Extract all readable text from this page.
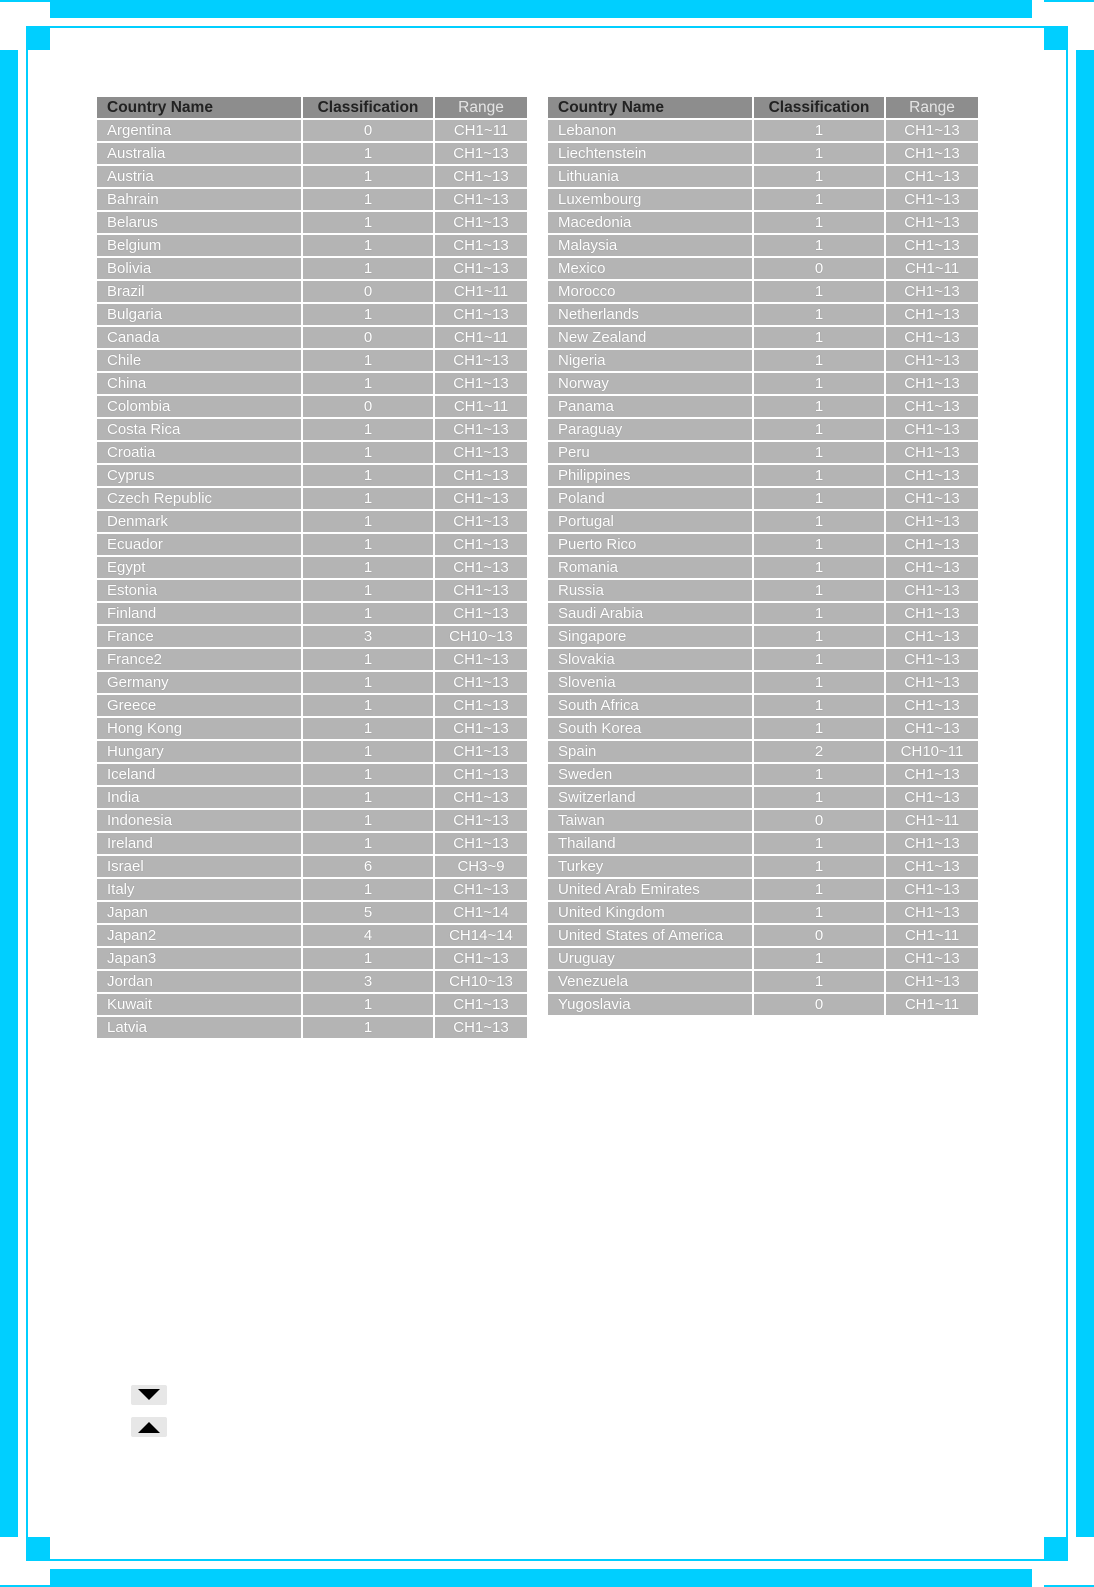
Country Name	Classification	Range
Argentina	0	CH1~11
Australia	1	CH1~13
Austria	1	CH1~13
Bahrain	1	CH1~13
Belarus	1	CH1~13
Belgium	1	CH1~13
Bolivia	1	CH1~13
Brazil	0	CH1~11
Bulgaria	1	CH1~13
Canada	0	CH1~11
Chile	1	CH1~13
China	1	CH1~13
Colombia	0	CH1~11
Costa Rica	1	CH1~13
Croatia	1	CH1~13
Cyprus	1	CH1~13
Czech Republic	1	CH1~13
Denmark	1	CH1~13
Ecuador	1	CH1~13
Egypt	1	CH1~13
Estonia	1	CH1~13
Finland	1	CH1~13
France	3	CH10~13
France2	1	CH1~13
Germany	1	CH1~13
Greece	1	CH1~13
Hong Kong	1	CH1~13
Hungary	1	CH1~13
Iceland	1	CH1~13
India	1	CH1~13
Indonesia	1	CH1~13
Ireland	1	CH1~13
Israel	6	CH3~9
Italy	1	CH1~13
Japan	5	CH1~14
Japan2	4	CH14~14
Japan3	1	CH1~13
Jordan	3	CH10~13
Kuwait	1	CH1~13
Latvia	1	CH1~13
Country Name	Classification	Range
Lebanon	1	CH1~13
Liechtenstein	1	CH1~13
Lithuania	1	CH1~13
Luxembourg	1	CH1~13
Macedonia	1	CH1~13
Malaysia	1	CH1~13
Mexico	0	CH1~11
Morocco	1	CH1~13
Netherlands	1	CH1~13
New Zealand	1	CH1~13
Nigeria	1	CH1~13
Norway	1	CH1~13
Panama	1	CH1~13
Paraguay	1	CH1~13
Peru	1	CH1~13
Philippines	1	CH1~13
Poland	1	CH1~13
Portugal	1	CH1~13
Puerto Rico	1	CH1~13
Romania	1	CH1~13
Russia	1	CH1~13
Saudi Arabia	1	CH1~13
Singapore	1	CH1~13
Slovakia	1	CH1~13
Slovenia	1	CH1~13
South Africa	1	CH1~13
South Korea	1	CH1~13
Spain	2	CH10~11
Sweden	1	CH1~13
Switzerland	1	CH1~13
Taiwan	0	CH1~11
Thailand	1	CH1~13
Turkey	1	CH1~13
United Arab Emirates	1	CH1~13
United Kingdom	1	CH1~13
United States of America	0	CH1~11
Uruguay	1	CH1~13
Venezuela	1	CH1~13
Yugoslavia	0	CH1~11
